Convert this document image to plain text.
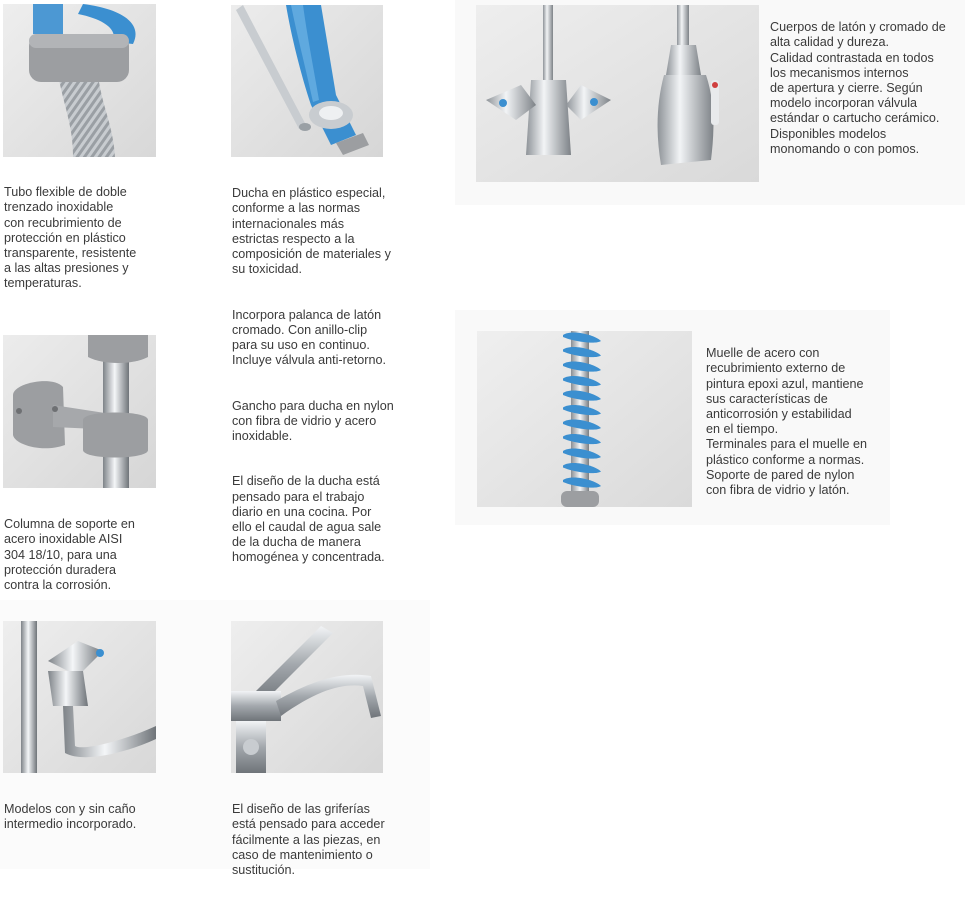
Tubo flexible de doble
trenzado inoxidable
con recubrimiento de
protección en plástico
transparente, resistente
a las altas presiones y
temperaturas.

Ducha en plástico especial,
conforme a las normas
internacionales más
estrictas respecto a la
composición de materiales y
su toxicidad.

Incorpora palanca de latón
cromado. Con anillo-clip
para su uso en continuo.
Incluye válvula anti-retorno.

Gancho para ducha en nylon
con fibra de vidrio y acero
inoxidable.

El diseño de la ducha está
pensado para el trabajo
diario en una cocina. Por
ello el caudal de agua sale
de la ducha de manera
homogénea y concentrada.

Cuerpos de latón y cromado de
alta calidad y dureza.
Calidad contrastada en todos
los mecanismos internos
de apertura y cierre. Según
modelo incorporan válvula
estándar o cartucho cerámico.
Disponibles modelos
monomando o con pomos.

Columna de soporte en
acero inoxidable AISI
304 18/10, para una
protección duradera
contra la corrosión.

Muelle de acero con
recubrimiento externo de
pintura epoxi azul, mantiene
sus características de
anticorrosión y estabilidad
en el tiempo.
Terminales para el muelle en
plástico conforme a normas.
Soporte de pared de nylon
con fibra de vidrio y latón.

Modelos con y sin caño
intermedio incorporado.

El diseño de las griferías
está pensado para acceder
fácilmente a las piezas, en
caso de mantenimiento o
sustitución.
